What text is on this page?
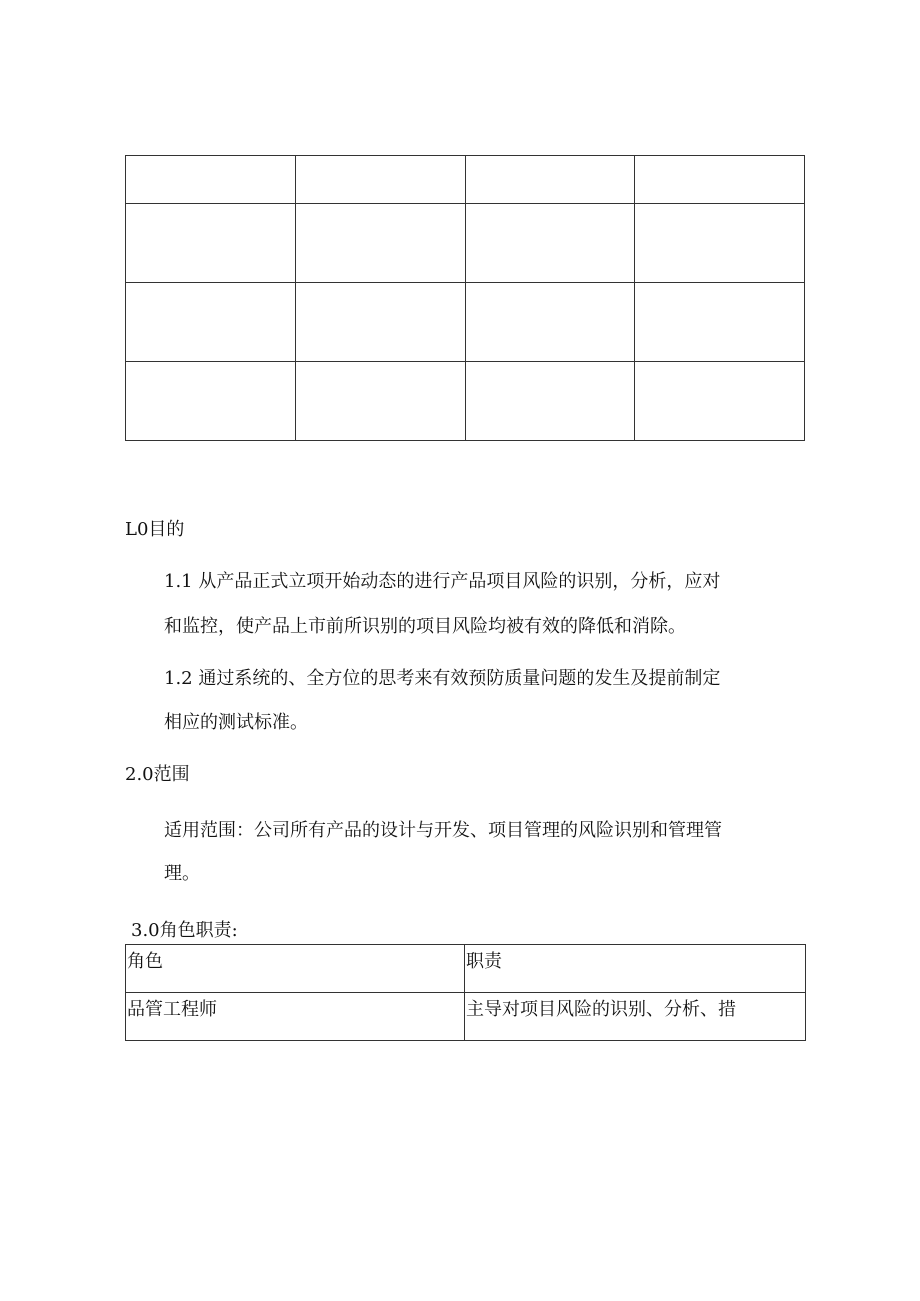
L0目的
1.1 从产品正式立项开始动态的进行产品项目风险的识别，分析，应对
和监控，使产品上市前所识别的项目风险均被有效的降低和消除。
1.2 通过系统的、全方位的思考来有效预防质量问题的发生及提前制定
相应的测试标准。
2.0范围
适用范围：公司所有产品的设计与开发、项目管理的风险识别和管理管
理。
3.0角色职责:
角色	职责
品管工程师	主导对项目风险的识别、分析、措
